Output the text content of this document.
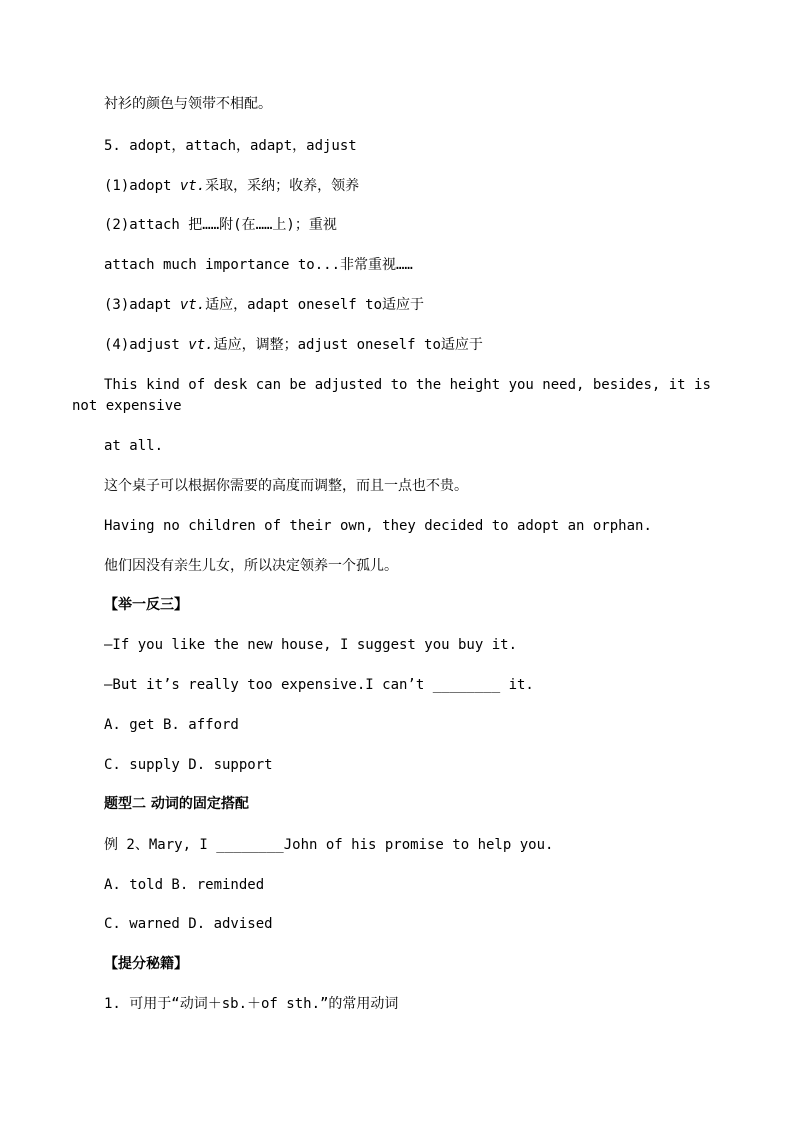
衬衫的颜色与领带不相配。
5. adopt，attach，adapt，adjust
(1)adopt vt.采取，采纳；收养，领养
(2)attach 把……附(在……上)；重视
attach much importance to...非常重视……
(3)adapt vt.适应，adapt oneself to适应于
(4)adjust vt.适应，调整；adjust oneself to适应于
This kind of desk can be adjusted to the height you need, besides, it is not expensive
at all.
这个桌子可以根据你需要的高度而调整，而且一点也不贵。
Having no children of their own, they decided to adopt an orphan.
他们因没有亲生儿女，所以决定领养一个孤儿。
【举一反三】
—If you like the new house, I suggest you buy it.
—But it’s really too expensive.I can’t ________ it.
A. get B. afford
C. supply D. support
题型二 动词的固定搭配
例 2、Mary, I ________John of his promise to help you.
A. told B. reminded
C. warned D. advised
【提分秘籍】
1. 可用于“动词＋sb.＋of sth.”的常用动词
